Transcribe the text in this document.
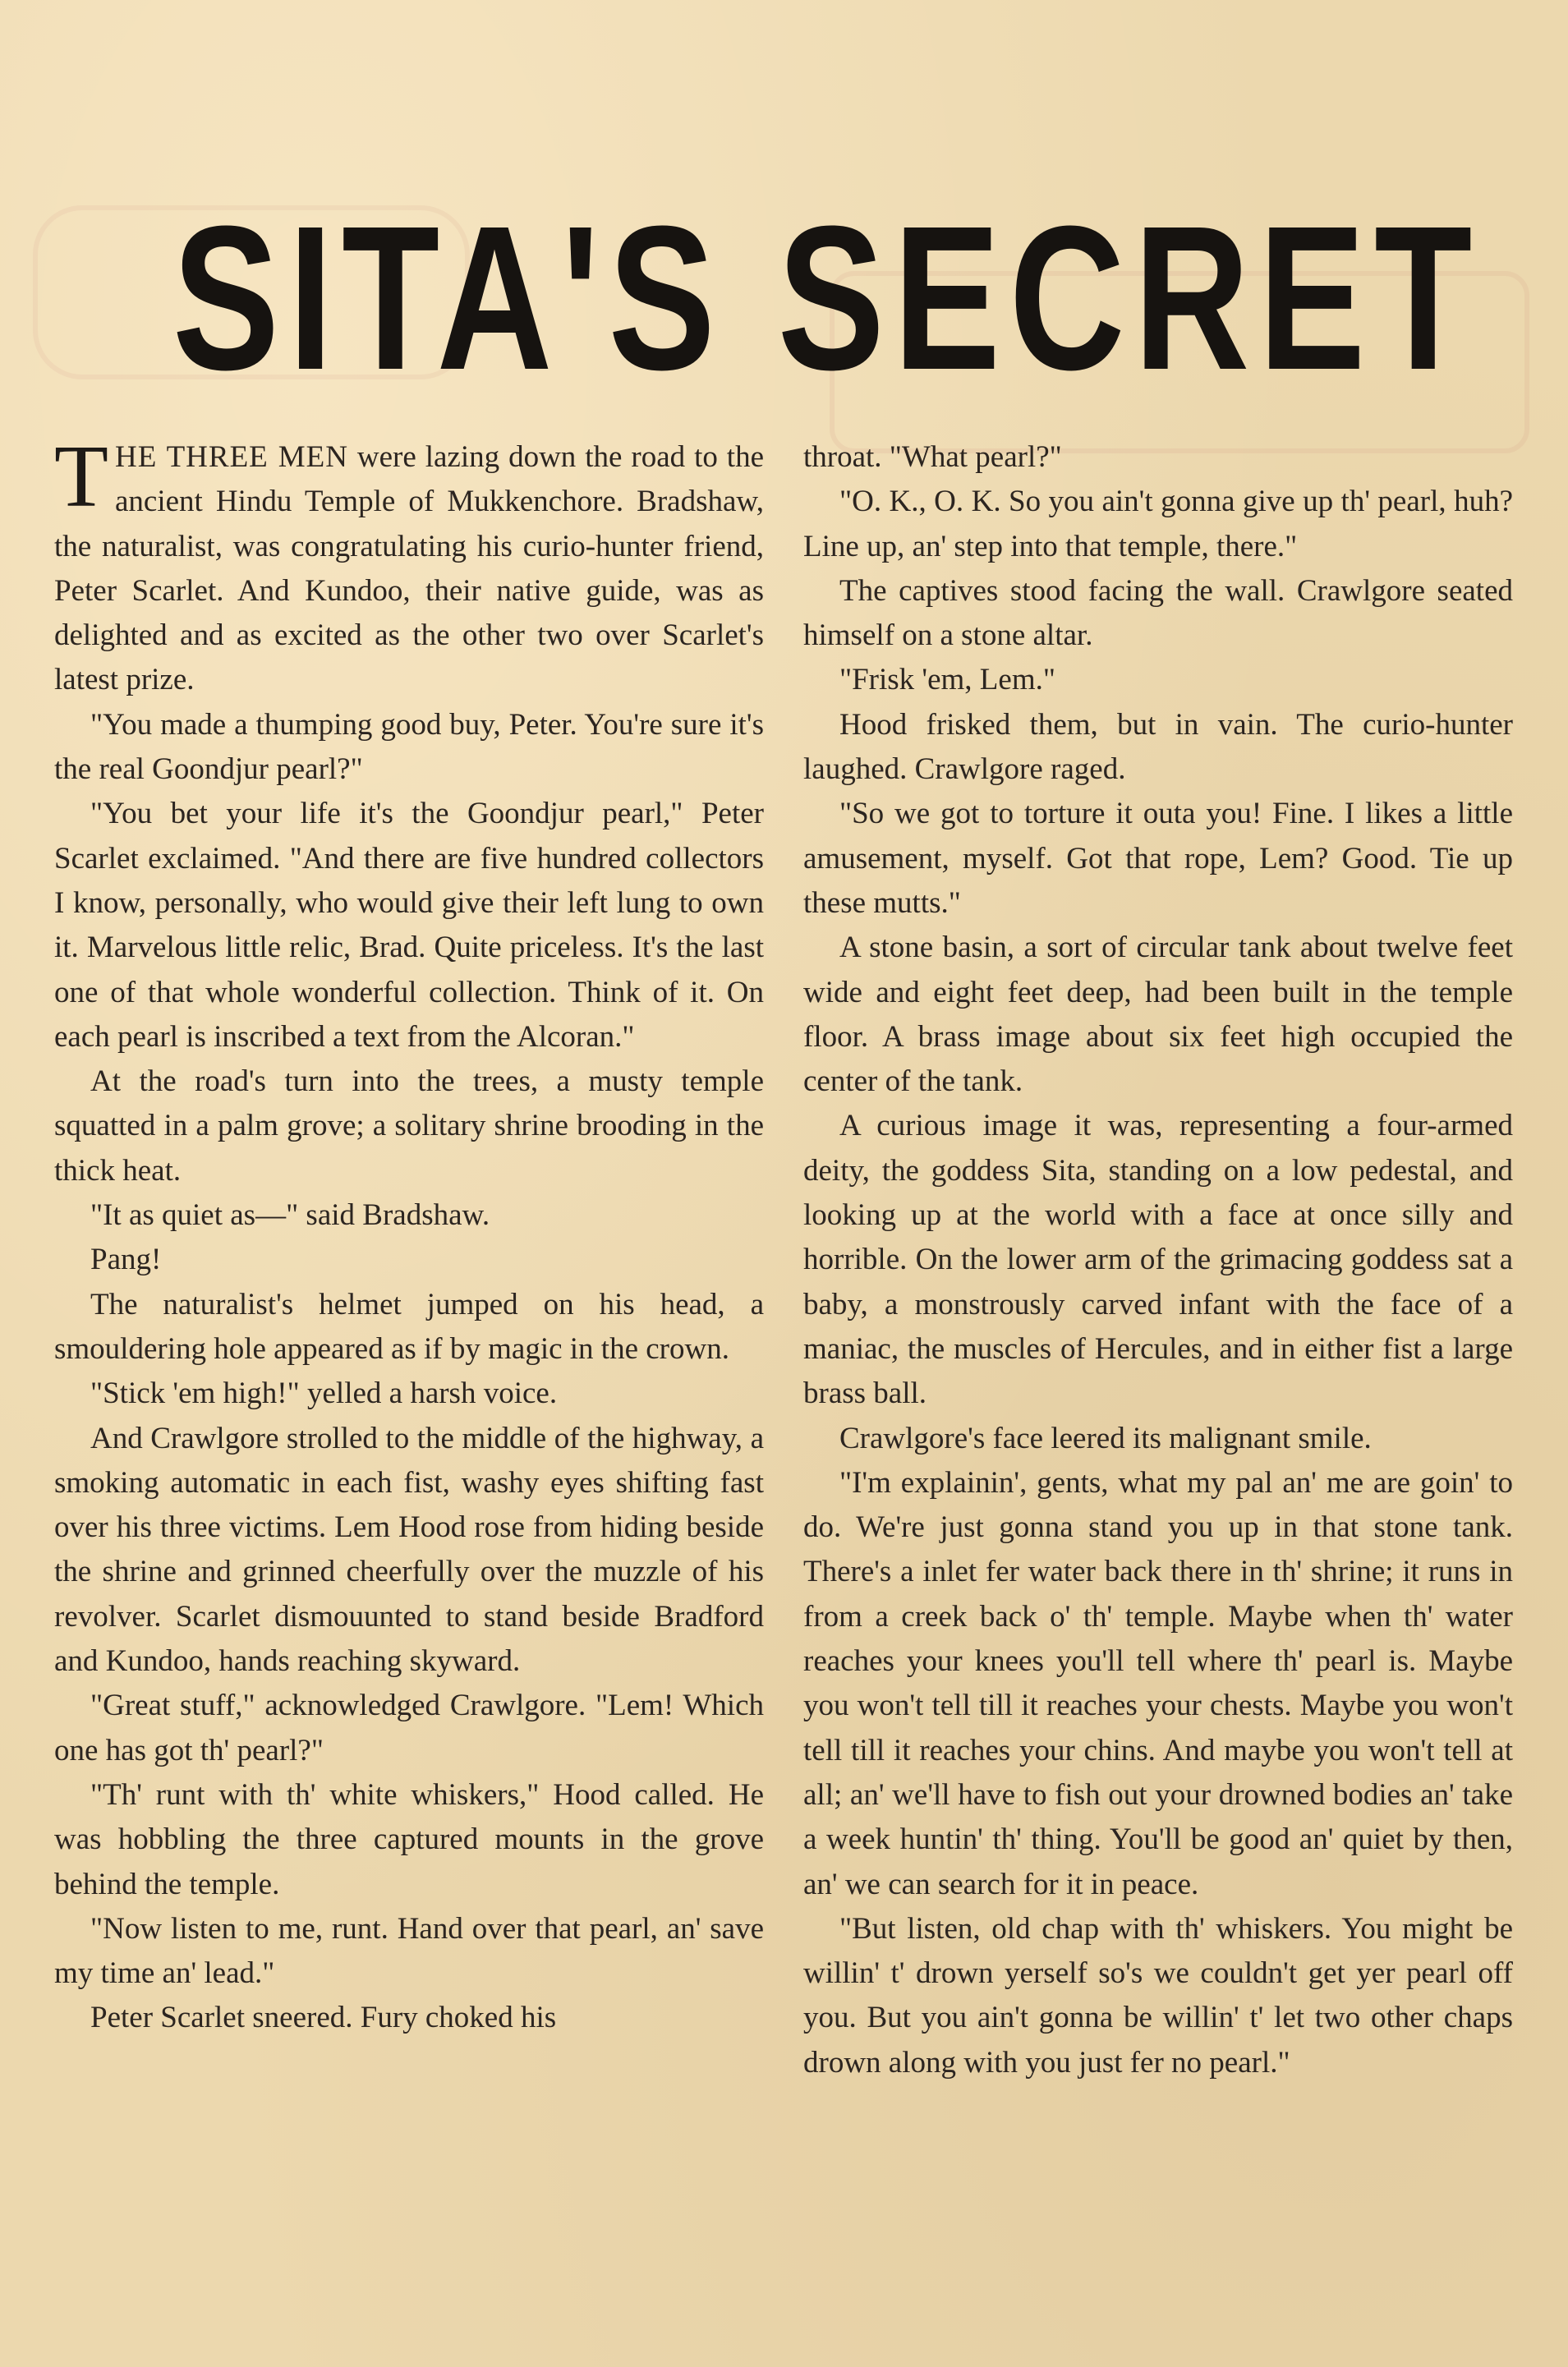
SITA'S SECRET

THE THREE MEN were lazing down the road to the ancient Hindu Temple of Mukkenchore. Bradshaw, the naturalist, was congratulating his curio-hunter friend, Peter Scarlet. And Kundoo, their native guide, was as delighted and as excited as the other two over Scarlet's latest prize.

"You made a thumping good buy, Peter. You're sure it's the real Goondjur pearl?"

"You bet your life it's the Goondjur pearl," Peter Scarlet exclaimed. "And there are five hundred collectors I know, personally, who would give their left lung to own it. Marvelous little relic, Brad. Quite priceless. It's the last one of that whole wonderful collection. Think of it. On each pearl is inscribed a text from the Alcoran."

At the road's turn into the trees, a musty temple squatted in a palm grove; a solitary shrine brooding in the thick heat.

"It as quiet as—" said Bradshaw.

Pang!

The naturalist's helmet jumped on his head, a smouldering hole appeared as if by magic in the crown.

"Stick 'em high!" yelled a harsh voice.

And Crawlgore strolled to the middle of the highway, a smoking automatic in each fist, washy eyes shifting fast over his three victims. Lem Hood rose from hiding beside the shrine and grinned cheerfully over the muzzle of his revolver. Scarlet dismouunted to stand beside Bradford and Kundoo, hands reaching skyward.

"Great stuff," acknowledged Crawlgore. "Lem! Which one has got th' pearl?"

"Th' runt with th' white whiskers," Hood called. He was hobbling the three captured mounts in the grove behind the temple.

"Now listen to me, runt. Hand over that pearl, an' save my time an' lead."

Peter Scarlet sneered. Fury choked his

throat. "What pearl?"

"O. K., O. K. So you ain't gonna give up th' pearl, huh? Line up, an' step into that temple, there."

The captives stood facing the wall. Crawlgore seated himself on a stone altar.

"Frisk 'em, Lem."

Hood frisked them, but in vain. The curio-hunter laughed. Crawlgore raged.

"So we got to torture it outa you! Fine. I likes a little amusement, myself. Got that rope, Lem? Good. Tie up these mutts."

A stone basin, a sort of circular tank about twelve feet wide and eight feet deep, had been built in the temple floor. A brass image about six feet high occupied the center of the tank.

A curious image it was, representing a four-armed deity, the goddess Sita, standing on a low pedestal, and looking up at the world with a face at once silly and horrible. On the lower arm of the grimacing goddess sat a baby, a monstrously carved infant with the face of a maniac, the muscles of Hercules, and in either fist a large brass ball.

Crawlgore's face leered its malignant smile.

"I'm explainin', gents, what my pal an' me are goin' to do. We're just gonna stand you up in that stone tank. There's a inlet fer water back there in th' shrine; it runs in from a creek back o' th' temple. Maybe when th' water reaches your knees you'll tell where th' pearl is. Maybe you won't tell till it reaches your chests. Maybe you won't tell till it reaches your chins. And maybe you won't tell at all; an' we'll have to fish out your drowned bodies an' take a week huntin' th' thing. You'll be good an' quiet by then, an' we can search for it in peace.

"But listen, old chap with th' whiskers. You might be willin' t' drown yerself so's we couldn't get yer pearl off you. But you ain't gonna be willin' t' let two other chaps drown along with you just fer no pearl."
